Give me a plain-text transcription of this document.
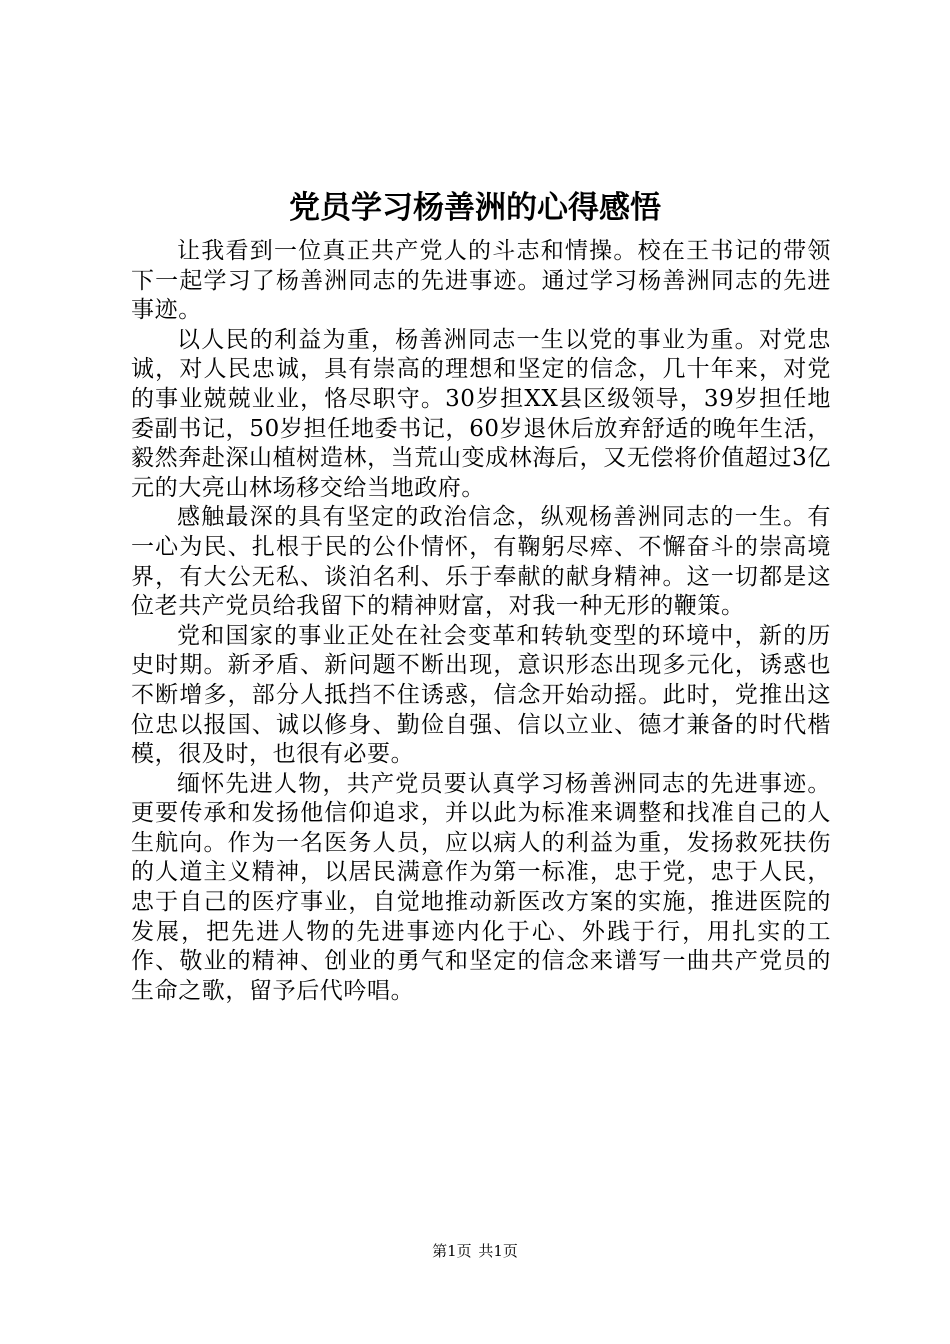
党员学习杨善洲的心得感悟

让我看到一位真正共产党人的斗志和情操。校在王书记的带领下一起学习了杨善洲同志的先进事迹。通过学习杨善洲同志的先进事迹。

以人民的利益为重，杨善洲同志一生以党的事业为重。对党忠诚，对人民忠诚，具有崇高的理想和坚定的信念，几十年来，对党的事业兢兢业业，恪尽职守。30岁担XX县区级领导，39岁担任地委副书记，50岁担任地委书记，60岁退休后放弃舒适的晚年生活，毅然奔赴深山植树造林，当荒山变成林海后，又无偿将价值超过3亿元的大亮山林场移交给当地政府。

感触最深的具有坚定的政治信念，纵观杨善洲同志的一生。有一心为民、扎根于民的公仆情怀，有鞠躬尽瘁、不懈奋斗的崇高境界，有大公无私、谈泊名利、乐于奉献的献身精神。这一切都是这位老共产党员给我留下的精神财富，对我一种无形的鞭策。

党和国家的事业正处在社会变革和转轨变型的环境中，新的历史时期。新矛盾、新问题不断出现，意识形态出现多元化，诱惑也不断增多，部分人抵挡不住诱惑，信念开始动摇。此时，党推出这位忠以报国、诚以修身、勤俭自强、信以立业、德才兼备的时代楷模，很及时，也很有必要。

缅怀先进人物，共产党员要认真学习杨善洲同志的先进事迹。更要传承和发扬他信仰追求，并以此为标准来调整和找准自己的人生航向。作为一名医务人员，应以病人的利益为重，发扬救死扶伤的人道主义精神，以居民满意作为第一标准，忠于党，忠于人民，忠于自己的医疗事业，自觉地推动新医改方案的实施，推进医院的发展，把先进人物的先进事迹内化于心、外践于行，用扎实的工作、敬业的精神、创业的勇气和坚定的信念来谱写一曲共产党员的生命之歌，留予后代吟唱。

第1页 共1页
